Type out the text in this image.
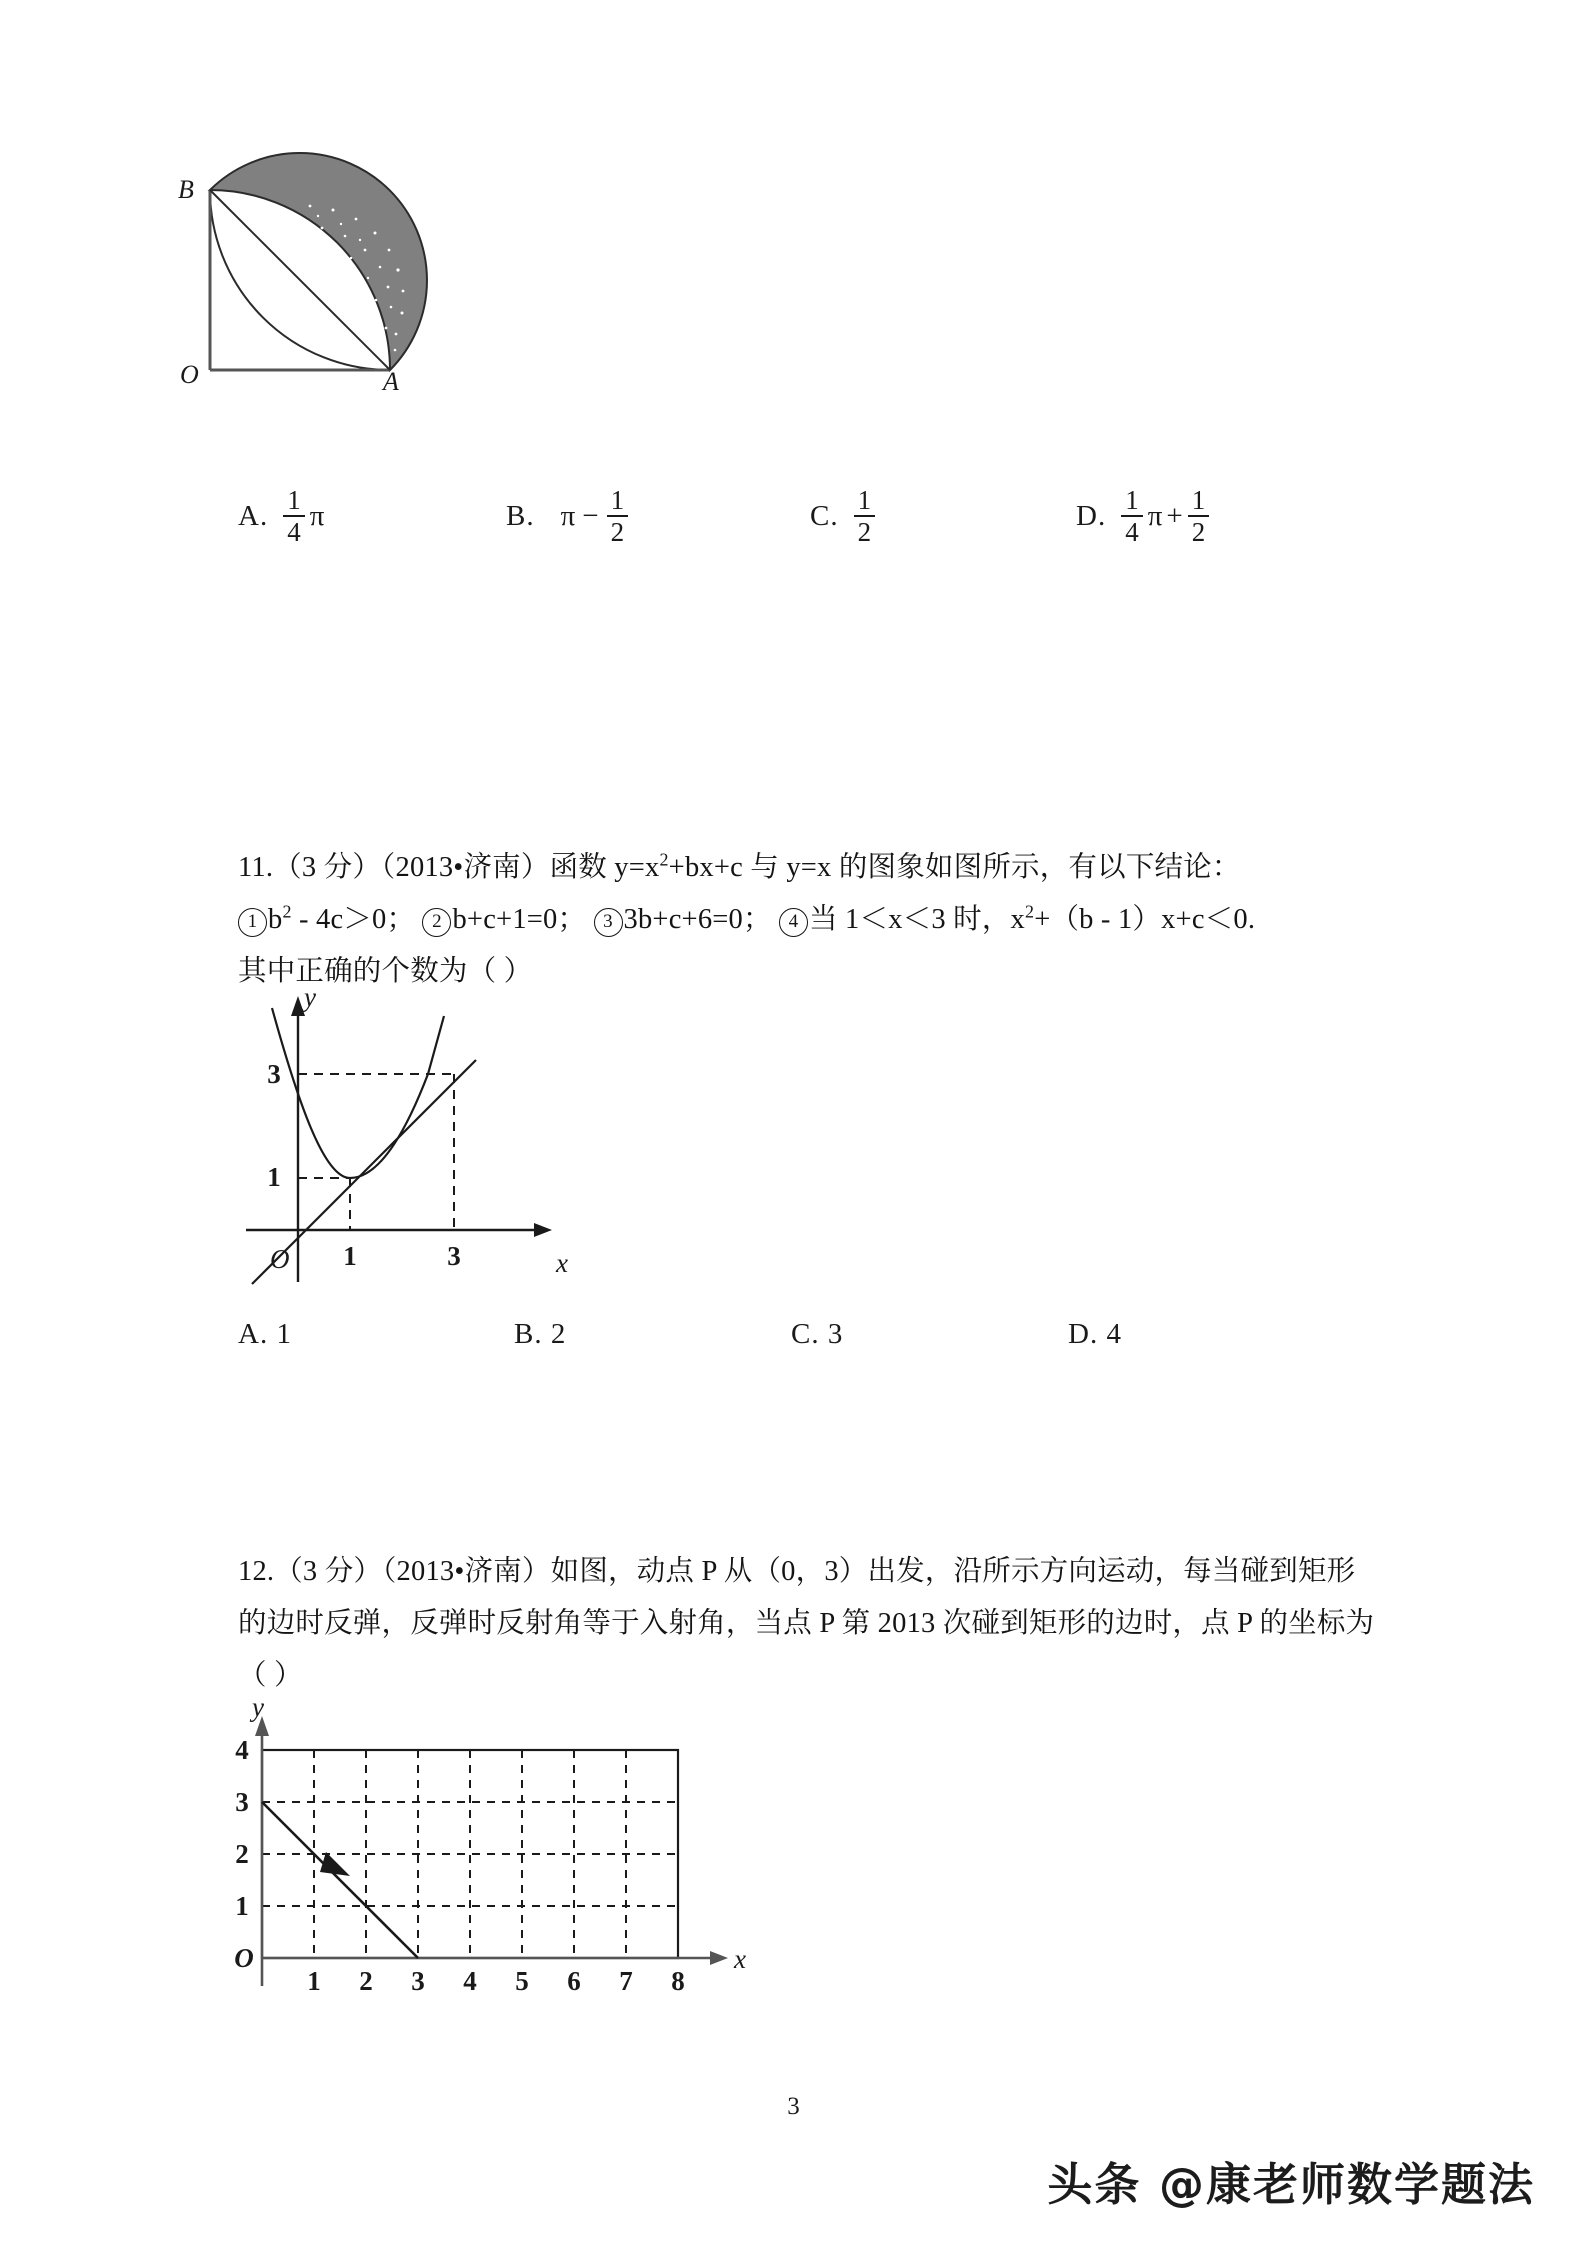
B
O	A
A. $\frac{1}{4}$ π	B. $\pi - \frac{1}{2}$	C. $\frac{1}{2}$	D. $\frac{1}{4}$ $\pi + \frac{1}{2}$
11.（3 分）（2013•济南）函数 $y=x^2+bx+c$ 与 y=x 的图象如图所示，有以下结论：
1 $b^2 - 4c>0$； 2 b+c+1=0； 3 3b+c+6=0； 4 当 1＜x＜3 时，$x^2+(b - 1)x+c<0$.
其中正确的个数为（ ）
1
3
1	3	x
y
O
A. 1	B. 2	C. 3	D. 4
12.（3 分）（2013•济南）如图，动点 P 从（0，3）出发，沿所示方向运动，每当碰到矩形
的边时反弹，反弹时反射角等于入射角，当点 P 第 2013 次碰到矩形的边时，点 P 的坐标为
（ ）
O
1
2
3
4
1 2 3 4 5 6 7 8
x
y
3
头条 @康老师数学题法
